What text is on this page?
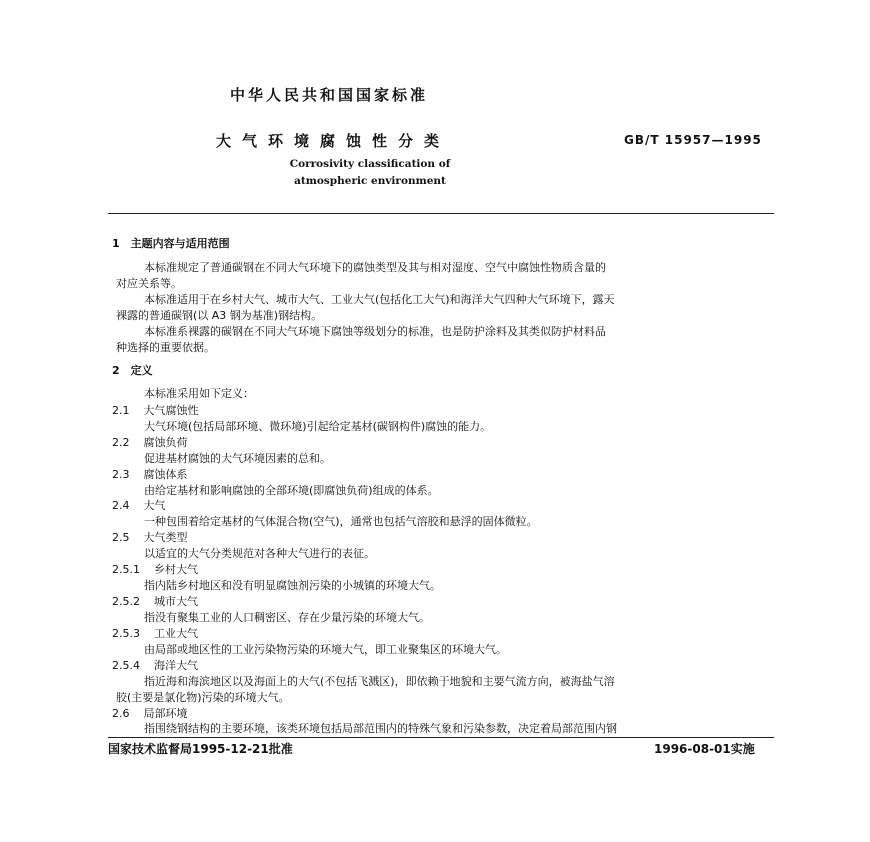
中华人民共和国国家标准
大气环境腐蚀性分类	GB/T 15957—1995
Corrosivity classification of
atmospheric environment
1　主题内容与适用范围
本标准规定了普通碳钢在不同大气环境下的腐蚀类型及其与相对湿度、空气中腐蚀性物质含量的
对应关系等。
本标准适用于在乡村大气、城市大气、工业大气(包括化工大气)和海洋大气四种大气环境下，露天
裸露的普通碳钢(以 A3 钢为基准)钢结构。
本标准系裸露的碳钢在不同大气环境下腐蚀等级划分的标准，也是防护涂料及其类似防护材料品
种选择的重要依据。
2　定义
本标准采用如下定义：
2.1 大气腐蚀性
大气环境(包括局部环境、微环境)引起给定基材(碳钢构件)腐蚀的能力。
2.2 腐蚀负荷
促进基材腐蚀的大气环境因素的总和。
2.3 腐蚀体系
由给定基材和影响腐蚀的全部环境(即腐蚀负荷)组成的体系。
2.4 大气
一种包围着给定基材的气体混合物(空气)，通常也包括气溶胶和悬浮的固体微粒。
2.5 大气类型
以适宜的大气分类规范对各种大气进行的表征。
2.5.1 乡村大气
指内陆乡村地区和没有明显腐蚀剂污染的小城镇的环境大气。
2.5.2 城市大气
指没有聚集工业的人口稠密区、存在少量污染的环境大气。
2.5.3 工业大气
由局部或地区性的工业污染物污染的环境大气，即工业聚集区的环境大气。
2.5.4 海洋大气
指近海和海滨地区以及海面上的大气(不包括飞溅区)，即依赖于地貌和主要气流方向，被海盐气溶
胶(主要是氯化物)污染的环境大气。
2.6 局部环境
指围绕钢结构的主要环境，该类环境包括局部范围内的特殊气象和污染参数，决定着局部范围内钢
国家技术监督局1995-12-21批准	1996-08-01实施
